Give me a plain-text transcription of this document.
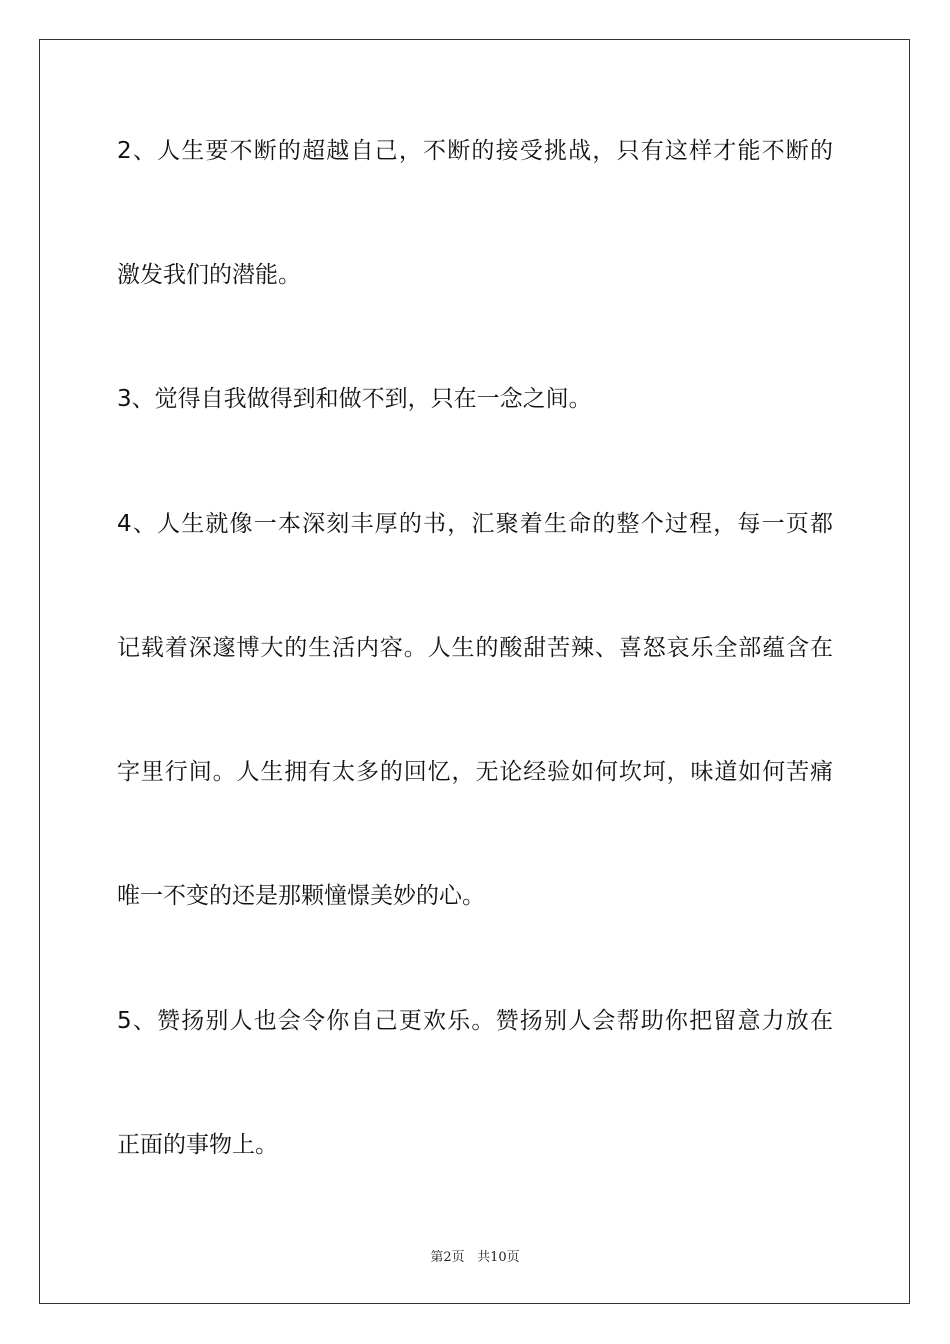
2、人生要不断的超越自己，不断的接受挑战，只有这样才能不断的
激发我们的潜能。
3、觉得自我做得到和做不到，只在一念之间。
4、人生就像一本深刻丰厚的书，汇聚着生命的整个过程，每一页都
记载着深邃博大的生活内容。人生的酸甜苦辣、喜怒哀乐全部蕴含在
字里行间。人生拥有太多的回忆，无论经验如何坎坷，味道如何苦痛
唯一不变的还是那颗憧憬美妙的心。
5、赞扬别人也会令你自己更欢乐。赞扬别人会帮助你把留意力放在
正面的事物上。
第2页 共10页
